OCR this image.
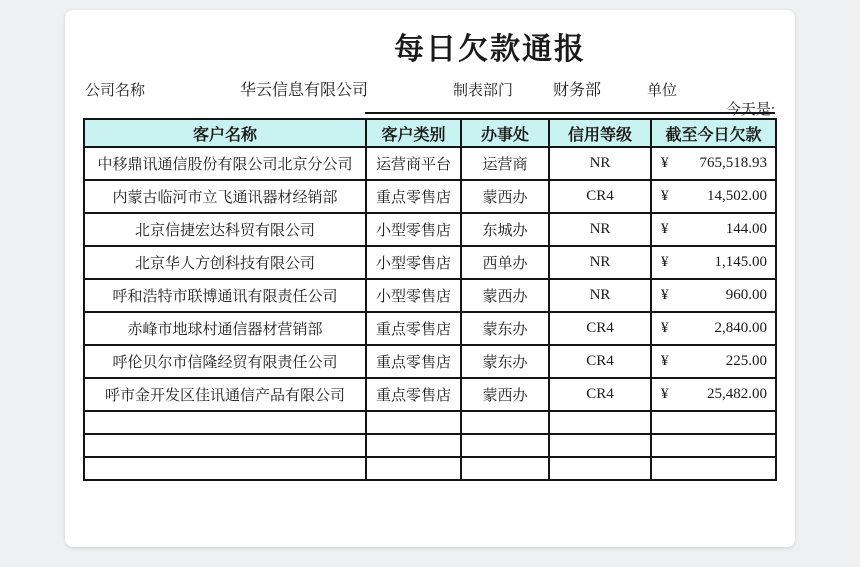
每日欠款通报
公司名称	华云信息有限公司	制表部门 财务部	单位
今天是:
客户名称	客户类别	办事处	信用等级	截至今日欠款
中移鼎讯通信股份有限公司北京分公司	运营商平台	运营商	NR	¥ 765,518.93

内蒙古临河市立飞通讯器材经销部	重点零售店	蒙西办	CR4	¥ 14,502.00

北京信捷宏达科贸有限公司	小型零售店	东城办	NR	¥ 144.00

北京华人方创科技有限公司	小型零售店	西单办	NR	¥ 1,145.00

呼和浩特市联博通讯有限责任公司	小型零售店	蒙西办	NR	¥ 960.00

赤峰市地球村通信器材营销部	重点零售店	蒙东办	CR4	¥ 2,840.00

呼伦贝尔市信隆经贸有限责任公司	重点零售店	蒙东办	CR4	¥ 225.00

呼市金开发区佳讯通信产品有限公司	重点零售店	蒙西办	CR4	¥ 25,482.00
